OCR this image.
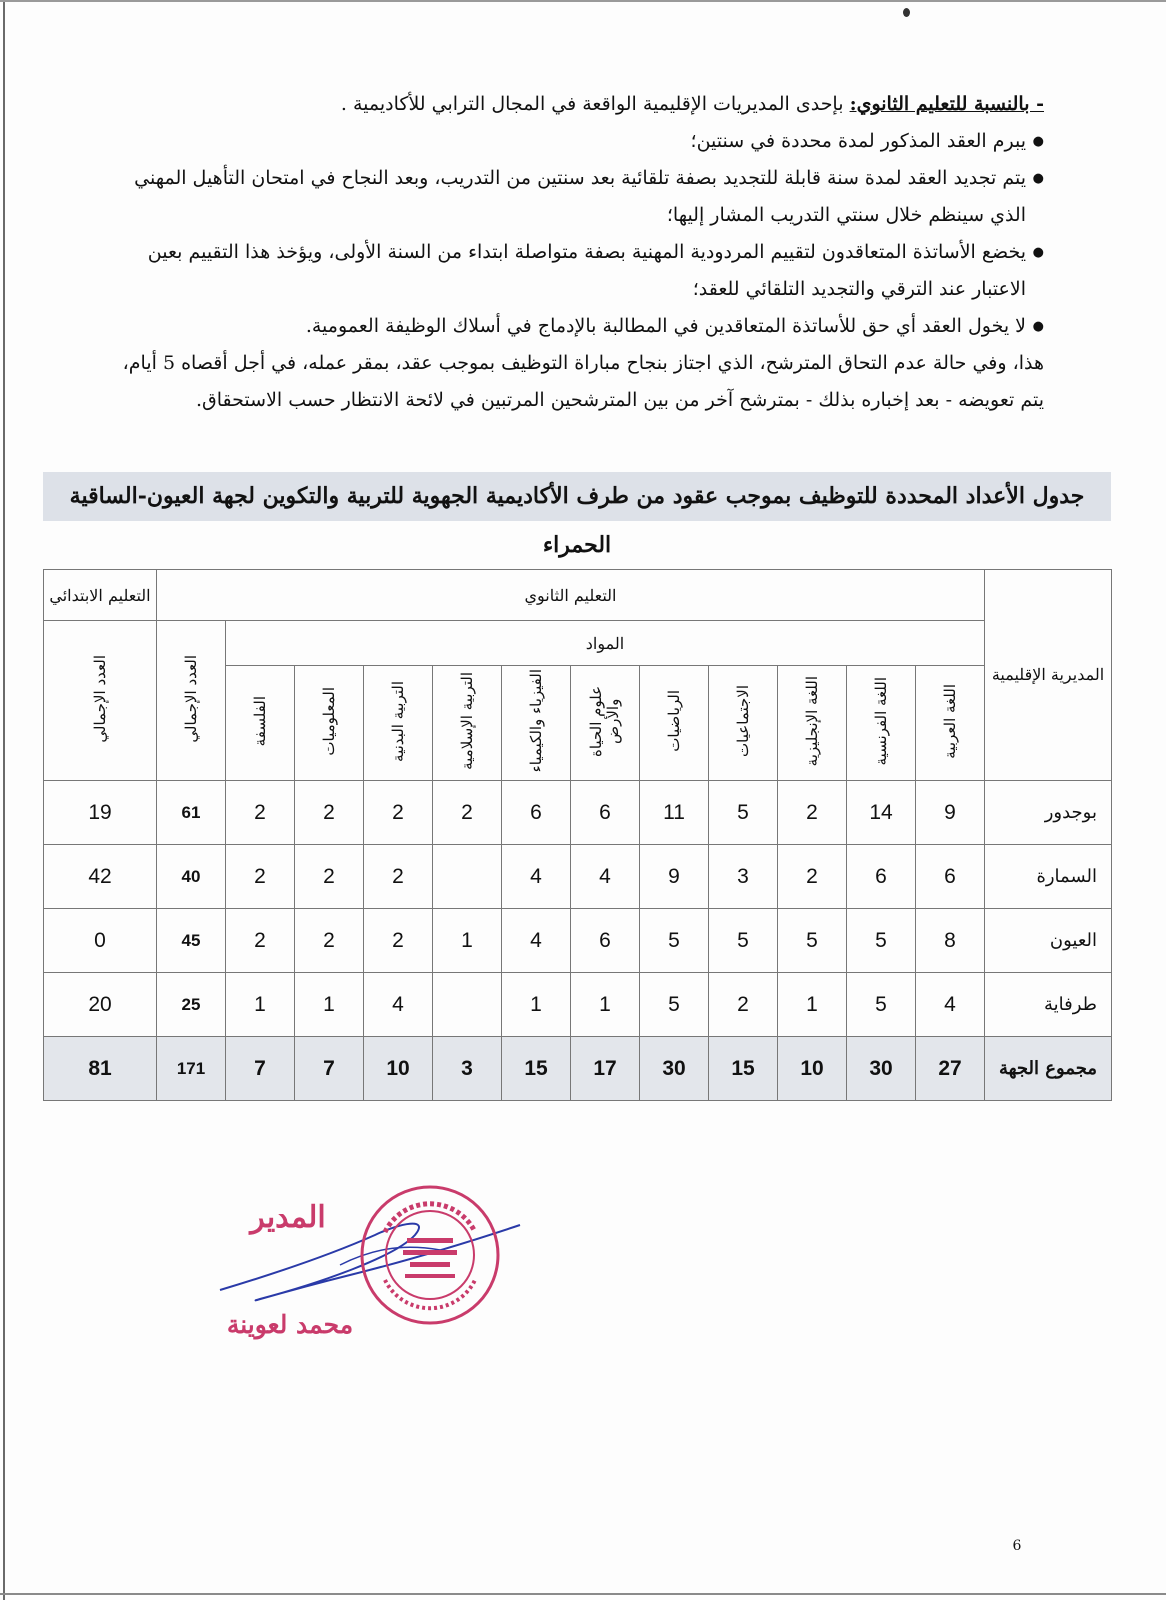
- بالنسبة للتعليم الثانوي: بإحدى المديريات الإقليمية الواقعة في المجال الترابي للأكاديمية .

● يبرم العقد المذكور لمدة محددة في سنتين؛
● يتم تجديد العقد لمدة سنة قابلة للتجديد بصفة تلقائية بعد سنتين من التدريب، وبعد النجاح في امتحان التأهيل المهني الذي سينظم خلال سنتي التدريب المشار إليها؛
● يخضع الأساتذة المتعاقدون لتقييم المردودية المهنية بصفة متواصلة ابتداء من السنة الأولى، ويؤخذ هذا التقييم بعين الاعتبار عند الترقي والتجديد التلقائي للعقد؛
● لا يخول العقد أي حق للأساتذة المتعاقدين في المطالبة بالإدماج في أسلاك الوظيفة العمومية.

هذا، وفي حالة عدم التحاق المترشح، الذي اجتاز بنجاح مباراة التوظيف بموجب عقد، بمقر عمله، في أجل أقصاه 5 أيام، يتم تعويضه - بعد إخباره بذلك - بمترشح آخر من بين المترشحين المرتبين في لائحة الانتظار حسب الاستحقاق.

جدول الأعداد المحددة للتوظيف بموجب عقود من طرف الأكاديمية الجهوية للتربية والتكوين لجهة العيون-الساقية الحمراء
التعليم الابتدائي	التعليم الثانوي												المديرية الإقليمية
العدد الإجمالي	العدد الإجمالي	المواد											
		الفلسفة	المعلوميات	التربية البدنية	التربية الإسلامية	الفيزياء والكيمياء	علوم الحياة والأرض	الرياضيات	الاجتماعيات	اللغة الإنجليزية	اللغة الفرنسية	اللغة العربية	
19	61	2	2	2	2	6	6	11	5	2	14	9	بوجدور
42	40	2	2	2		4	4	9	3	2	6	6	السمارة
0	45	2	2	2	1	4	6	5	5	5	5	8	العيون
20	25	1	1	4		1	1	5	2	1	5	4	طرفاية
81	171	7	7	10	3	15	17	30	15	10	30	27	مجموع الجهة
المدير
محمد لعوينة
6
